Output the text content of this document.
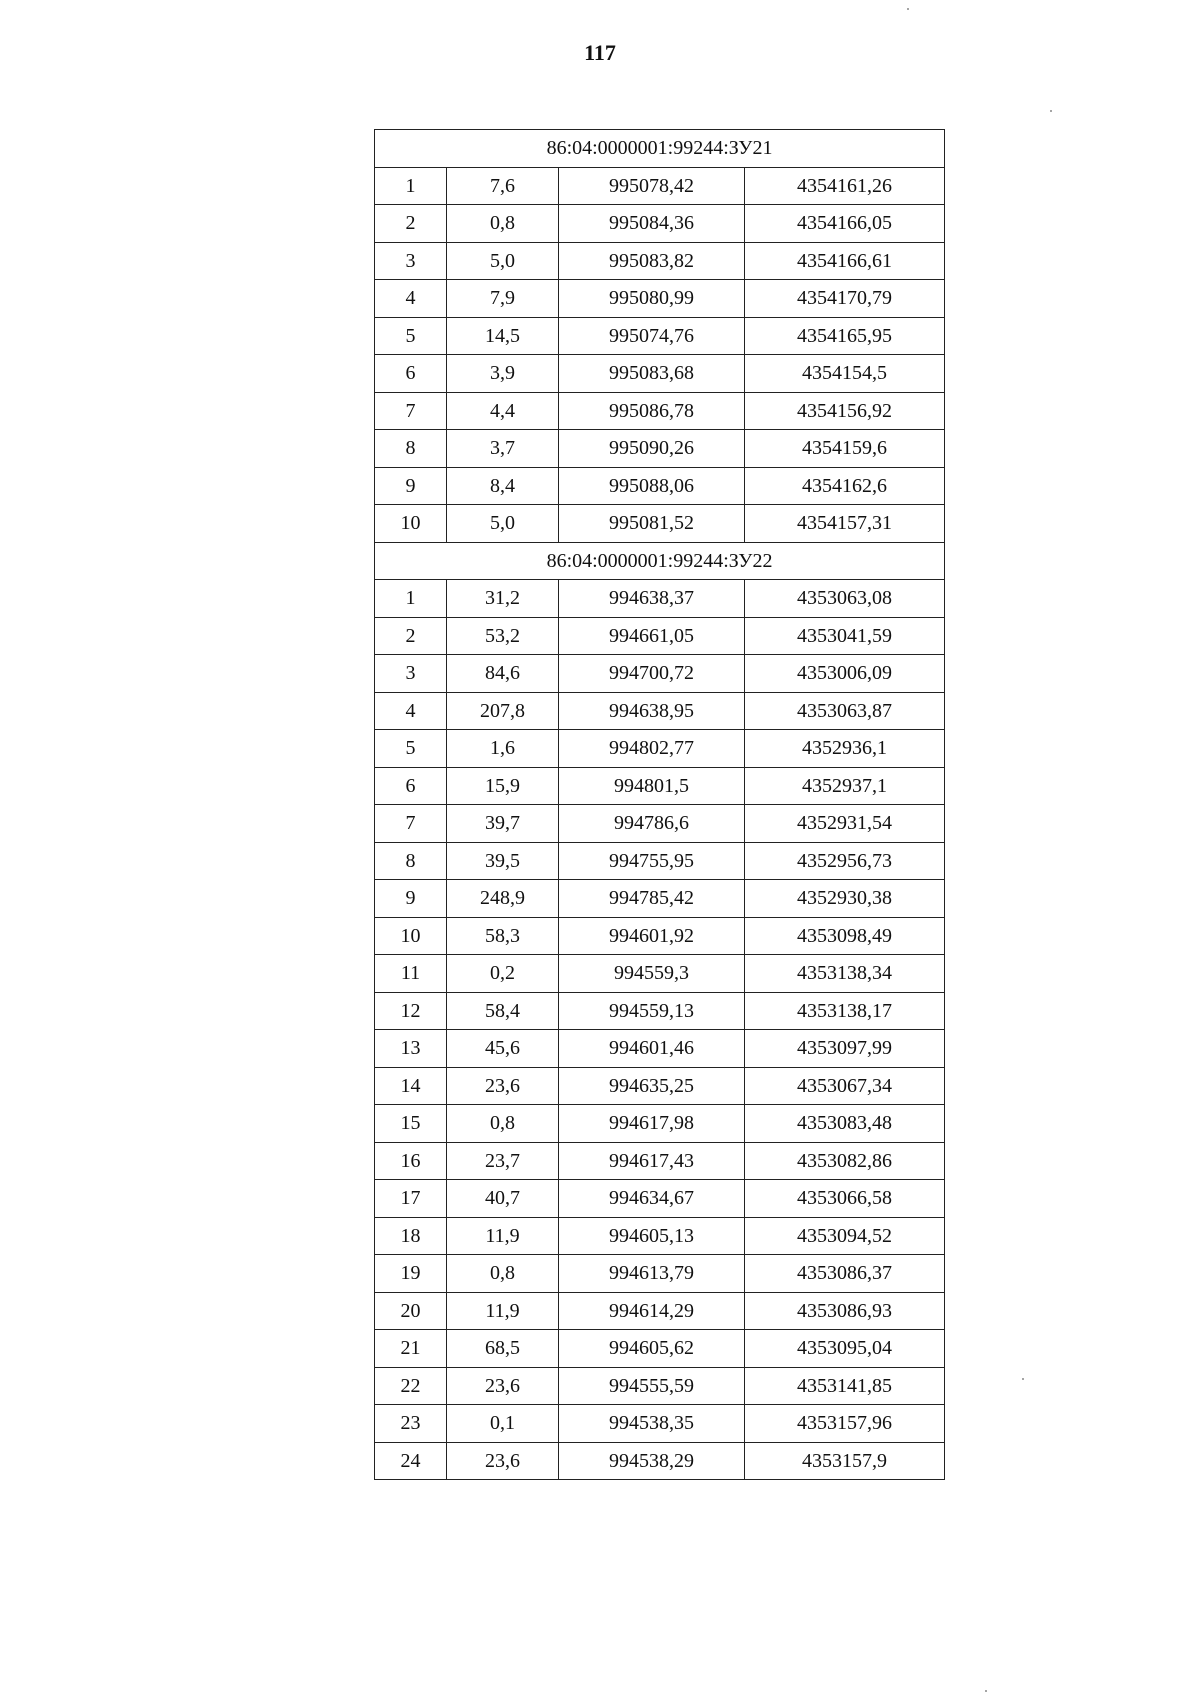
117
86:04:0000001:99244:ЗУ21			
1	7,6	995078,42	4354161,26
2	0,8	995084,36	4354166,05
3	5,0	995083,82	4354166,61
4	7,9	995080,99	4354170,79
5	14,5	995074,76	4354165,95
6	3,9	995083,68	4354154,5
7	4,4	995086,78	4354156,92
8	3,7	995090,26	4354159,6
9	8,4	995088,06	4354162,6
10	5,0	995081,52	4354157,31
86:04:0000001:99244:ЗУ22			
1	31,2	994638,37	4353063,08
2	53,2	994661,05	4353041,59
3	84,6	994700,72	4353006,09
4	207,8	994638,95	4353063,87
5	1,6	994802,77	4352936,1
6	15,9	994801,5	4352937,1
7	39,7	994786,6	4352931,54
8	39,5	994755,95	4352956,73
9	248,9	994785,42	4352930,38
10	58,3	994601,92	4353098,49
11	0,2	994559,3	4353138,34
12	58,4	994559,13	4353138,17
13	45,6	994601,46	4353097,99
14	23,6	994635,25	4353067,34
15	0,8	994617,98	4353083,48
16	23,7	994617,43	4353082,86
17	40,7	994634,67	4353066,58
18	11,9	994605,13	4353094,52
19	0,8	994613,79	4353086,37
20	11,9	994614,29	4353086,93
21	68,5	994605,62	4353095,04
22	23,6	994555,59	4353141,85
23	0,1	994538,35	4353157,96
24	23,6	994538,29	4353157,9
